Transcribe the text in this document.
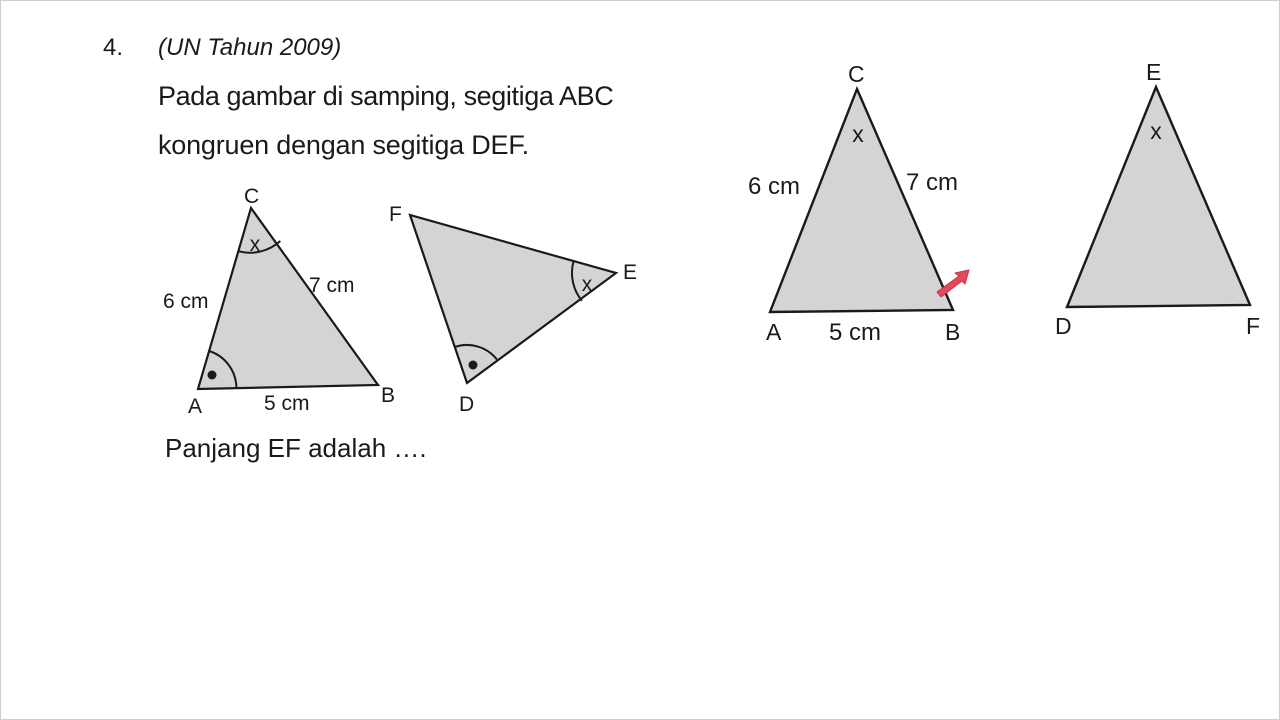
4. (UN Tahun 2009)
Pada gambar di samping, segitiga ABC
kongruen dengan segitiga DEF.
Panjang EF adalah ….
x
A	B
C
6 cm
7 cm
5 cm
x
D
E
F
x
C
A	B
6 cm	7 cm
5 cm
x
E
D	F
